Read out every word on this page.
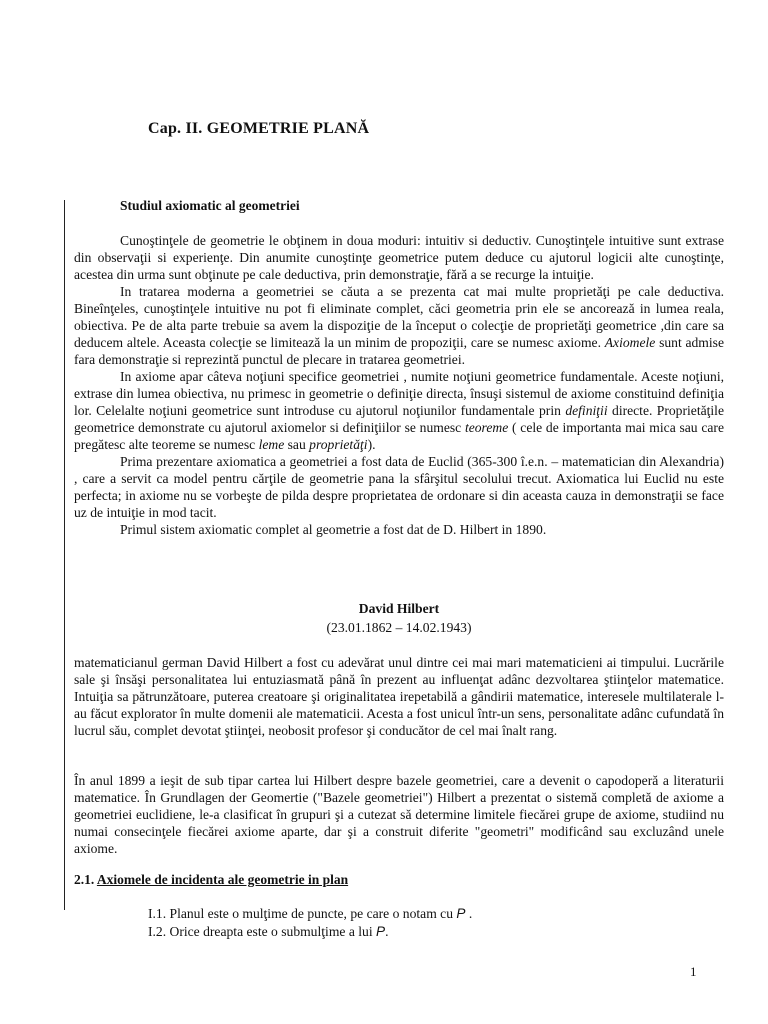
Cap. II. GEOMETRIE PLANĂ
Studiul axiomatic al geometriei

Cunoştinţele de geometrie le obţinem in doua moduri: intuitiv si deductiv. Cunoştinţele intuitive sunt extrase din observaţii si experienţe. Din anumite cunoştinţe geometrice putem deduce cu ajutorul logicii alte cunoştinţe, acestea din urma sunt obţinute pe cale deductiva, prin demonstraţie, fără a se recurge la intuiţie.

In tratarea moderna a geometriei se căuta a se prezenta cat mai multe proprietăţi pe cale deductiva. Bineînţeles, cunoştinţele intuitive nu pot fi eliminate complet, căci geometria prin ele se ancorează in lumea reala, obiectiva. Pe de alta parte trebuie sa avem la dispoziţie de la început o colecţie de proprietăţi geometrice ,din care sa deducem altele. Aceasta colecţie se limitează la un minim de propoziţii, care se numesc axiome. Axiomele sunt admise fara demonstraţie si reprezintă punctul de plecare in tratarea geometriei.

In axiome apar câteva noţiuni specifice geometriei , numite noţiuni geometrice fundamentale. Aceste noţiuni, extrase din lumea obiectiva, nu primesc in geometrie o definiţie directa, însuşi sistemul de axiome constituind definiţia lor. Celelalte noţiuni geometrice sunt introduse cu ajutorul noţiunilor fundamentale prin definiţii directe. Proprietăţile geometrice demonstrate cu ajutorul axiomelor si definiţiilor se numesc teoreme ( cele de importanta mai mica sau care pregătesc alte teoreme se numesc leme sau proprietăţi).

Prima prezentare axiomatica a geometriei a fost data de Euclid (365-300 î.e.n. – matematician din Alexandria) , care a servit ca model pentru cărţile de geometrie pana la sfârşitul secolului trecut. Axiomatica lui Euclid nu este perfecta; in axiome nu se vorbeşte de pilda despre proprietatea de ordonare si din aceasta cauza in demonstraţii se face uz de intuiţie in mod tacit.

Primul sistem axiomatic complet al geometrie a fost dat de D. Hilbert in 1890.

David Hilbert
(23.01.1862 – 14.02.1943)

matematicianul german David Hilbert a fost cu adevărat unul dintre cei mai mari matematicieni ai timpului. Lucrările sale şi însăşi personalitatea lui entuziasmată până în prezent au influenţat adânc dezvoltarea ştiinţelor matematice. Intuiţia sa pătrunzătoare, puterea creatoare şi originalitatea irepetabilă a gândirii matematice, interesele multilaterale l-au făcut explorator în multe domenii ale matematicii. Acesta a fost unicul într-un sens, personalitate adânc cufundată în lucrul său, complet devotat ştiinţei, neobosit profesor şi conducător de cel mai înalt rang.

În anul 1899 a ieşit de sub tipar cartea lui Hilbert despre bazele geometriei, care a devenit o capodoperă a literaturii matematice. În Grundlagen der Geomertie ("Bazele geometriei") Hilbert a prezentat o sistemă completă de axiome a geometriei euclidiene, le-a clasificat în grupuri şi a cutezat să determine limitele fiecărei grupe de axiome, studiind nu numai consecinţele fiecărei axiome aparte, dar şi a construit diferite "geometri" modificând sau excluzând unele axiome.

2.1. Axiomele de incidenta ale geometrie in plan
I.1. Planul este o mulţime de puncte, pe care o notam cu P .
I.2. Orice dreapta este o submulţime a lui P.
1
